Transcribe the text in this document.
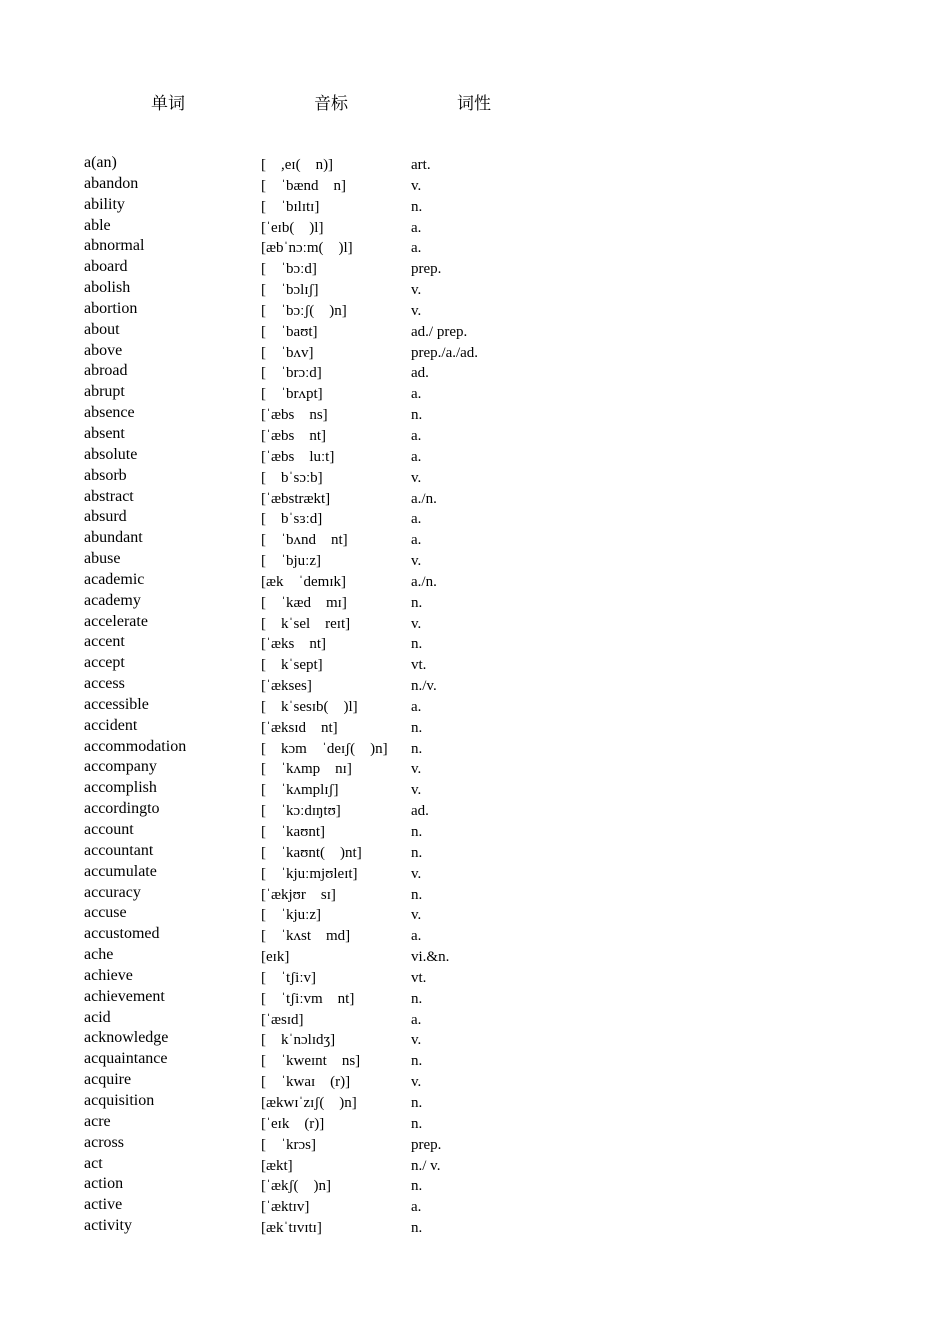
单词	音标	词性
a(an)	[    ,eɪ(    n)]	art.
abandon	[    ˈbænd    n]	v.
ability	[    ˈbɪlɪtɪ]	n.
able	[ˈeɪb(    )l]	a.
abnormal	[æbˈnɔːm(    )l]	a.
aboard	[    ˈbɔːd]	prep.
abolish	[    ˈbɔlɪʃ]	v.
abortion	[    ˈbɔːʃ(    )n]	v.
about	[    ˈbaʊt]	ad./ prep.
above	[    ˈbʌv]	prep./a./ad.
abroad	[    ˈbrɔːd]	ad.
abrupt	[    ˈbrʌpt]	a.
absence	[ˈæbs    ns]	n.
absent	[ˈæbs    nt]	a.
absolute	[ˈæbs    luːt]	a.
absorb	[    bˈsɔːb]	v.
abstract	[ˈæbstrækt]	a./n.
absurd	[    bˈsɜːd]	a.
abundant	[    ˈbʌnd    nt]	a.
abuse	[    ˈbjuːz]	v.
academic	[æk    ˈdemɪk]	a./n.
academy	[    ˈkæd    mɪ]	n.
accelerate	[    kˈsel    reɪt]	v.
accent	[ˈæks    nt]	n.
accept	[    kˈsept]	vt.
access	[ˈækses]	n./v.
accessible	[    kˈsesɪb(    )l]	a.
accident	[ˈæksɪd    nt]	n.
accommodation	[    kɔm    ˈdeɪʃ(    )n] n.
accompany	[    ˈkʌmp    nɪ]	v.
accomplish	[    ˈkʌmplɪʃ]	v.
accordingto	[    ˈkɔːdɪŋtʊ]	ad.
account	[    ˈkaʊnt]	n.
accountant	[    ˈkaʊnt(    )nt]	n.
accumulate	[    ˈkjuːmjʊleɪt]	v.
accuracy	[ˈækjʊr    sɪ]	n.
accuse	[    ˈkjuːz]	v.
accustomed	[    ˈkʌst    md]	a.
ache	[eɪk]	vi.&n.
achieve	[    ˈtʃiːv]	vt.
achievement	[    ˈtʃiːvm    nt]	n.
acid	[ˈæsɪd]	a.
acknowledge	[    kˈnɔlɪdʒ]	v.
acquaintance	[    ˈkweɪnt    ns]	n.
acquire	[    ˈkwaɪ    (r)]	v.
acquisition	[ækwɪˈzɪʃ(    )n]	n.
acre	[ˈeɪk    (r)]	n.
across	[    ˈkrɔs]	prep.
act	[ækt]	n./ v.
action	[ˈækʃ(    )n]	n.
active	[ˈæktɪv]	a.
activity	[ækˈtɪvɪtɪ]	n.
